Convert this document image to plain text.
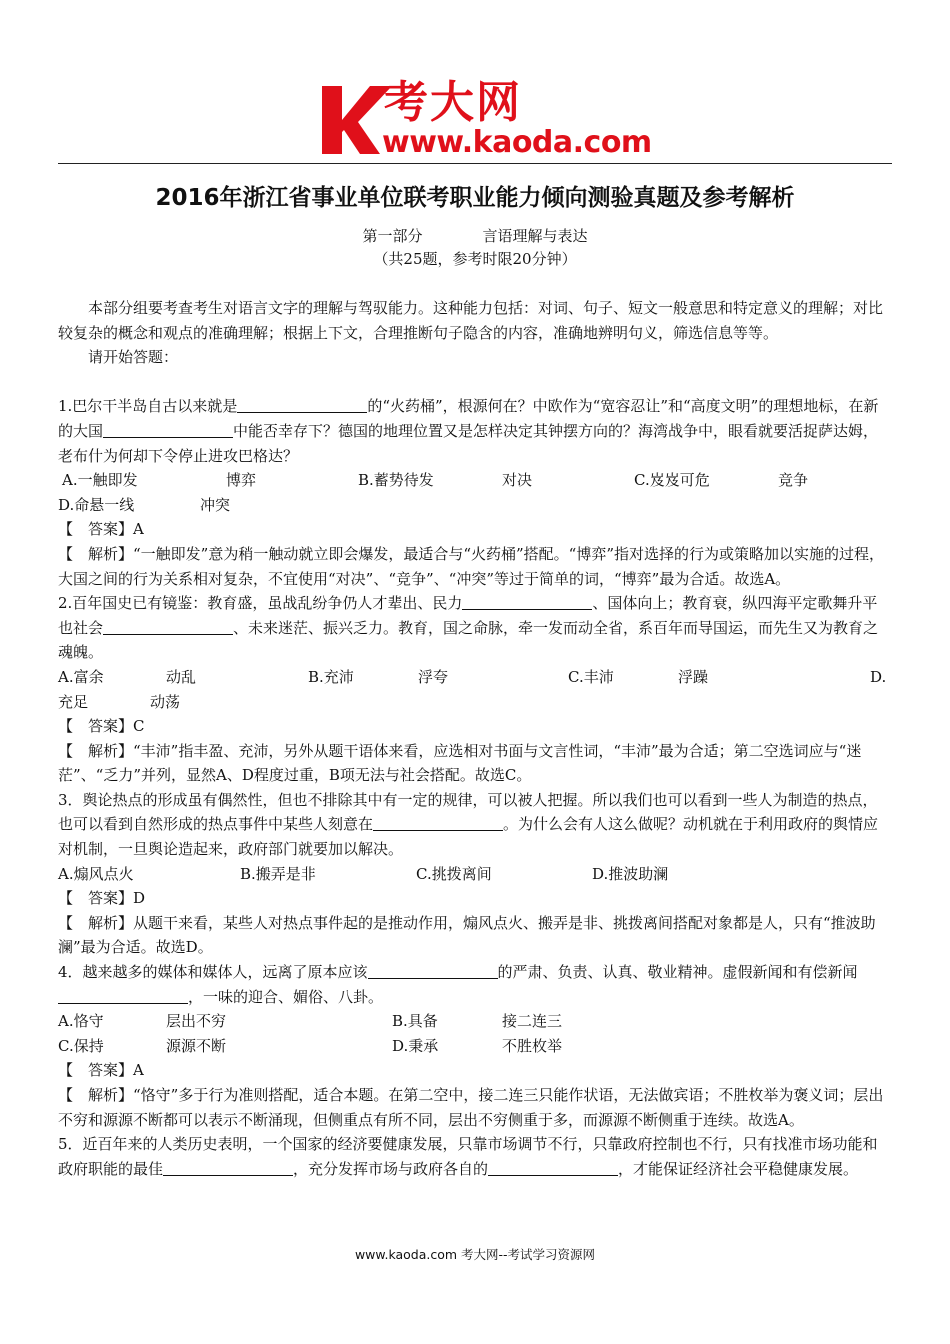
考大网
www.kaoda.com
2016年浙江省事业单位联考职业能力倾向测验真题及参考解析
第一部分	言语理解与表达
（共25题，参考时限20分钟）

本部分组要考查考生对语言文字的理解与驾驭能力。这种能力包括：对词、句子、短文一般意思和特定意义的理解；对比较复杂的概念和观点的准确理解；根据上下文，合理推断句子隐含的内容，准确地辨明句义，筛选信息等等。

请开始答题：

1.巴尔干半岛自古以来就是	的“火药桶”，根源何在？中欧作为“宽容忍让”和“高度文明”的理想地标，在新的大国	中能否幸存下？德国的地理位置又是怎样决定其钟摆方向的？海湾战争中，眼看就要活捉萨达姆，老布什为何却下令停止进攻巴格达？

A.一触即发	博弈	B.蓄势待发	对决	C.岌岌可危	竞争
D.命悬一线	冲突

【　答案】A

【　解析】“一触即发”意为稍一触动就立即会爆发，最适合与“火药桶”搭配。“博弈”指对选择的行为或策略加以实施的过程，大国之间的行为关系相对复杂，不宜使用“对决”、“竞争”、“冲突”等过于简单的词，“博弈”最为合适。故选A。

2.百年国史已有镜鉴：教育盛，虽战乱纷争仍人才辈出、民力	、国体向上；教育衰，纵四海平定歌舞升平也社会	、未来迷茫、振兴乏力。教育，国之命脉，牵一发而动全省，系百年而导国运，而先生又为教育之魂魄。

A.富余	动乱	B.充沛	浮夸	C.丰沛	浮躁	D.
充足	动荡

【　答案】C

【　解析】“丰沛”指丰盈、充沛，另外从题干语体来看，应选相对书面与文言性词，“丰沛”最为合适；第二空选词应与“迷茫”、“乏力”并列，显然A、D程度过重，B项无法与社会搭配。故选C。

3．舆论热点的形成虽有偶然性，但也不排除其中有一定的规律，可以被人把握。所以我们也可以看到一些人为制造的热点，也可以看到自然形成的热点事件中某些人刻意在	。为什么会有人这么做呢？动机就在于利用政府的舆情应对机制，一旦舆论造起来，政府部门就要加以解决。

A.煽风点火	B.搬弄是非	C.挑拨离间	D.推波助澜

【　答案】D

【　解析】从题干来看，某些人对热点事件起的是推动作用，煽风点火、搬弄是非、挑拨离间搭配对象都是人，只有“推波助澜”最为合适。故选D。

4．越来越多的媒体和媒体人，远离了原本应该	的严肃、负责、认真、敬业精神。虚假新闻和有偿新闻，一味的迎合、媚俗、八卦。

A.恪守	层出不穷	B.具备	接二连三
C.保持	源源不断	D.秉承	不胜枚举

【　答案】A

【　解析】“恪守”多于行为准则搭配，适合本题。在第二空中，接二连三只能作状语，无法做宾语；不胜枚举为褒义词；层出不穷和源源不断都可以表示不断涌现，但侧重点有所不同，层出不穷侧重于多，而源源不断侧重于连续。故选A。

5．近百年来的人类历史表明，一个国家的经济要健康发展，只靠市场调节不行，只靠政府控制也不行，只有找准市场功能和政府职能的最佳	，充分发挥市场与政府各自的	，才能保证经济社会平稳健康发展。

www.kaoda.com 考大网--考试学习资源网
